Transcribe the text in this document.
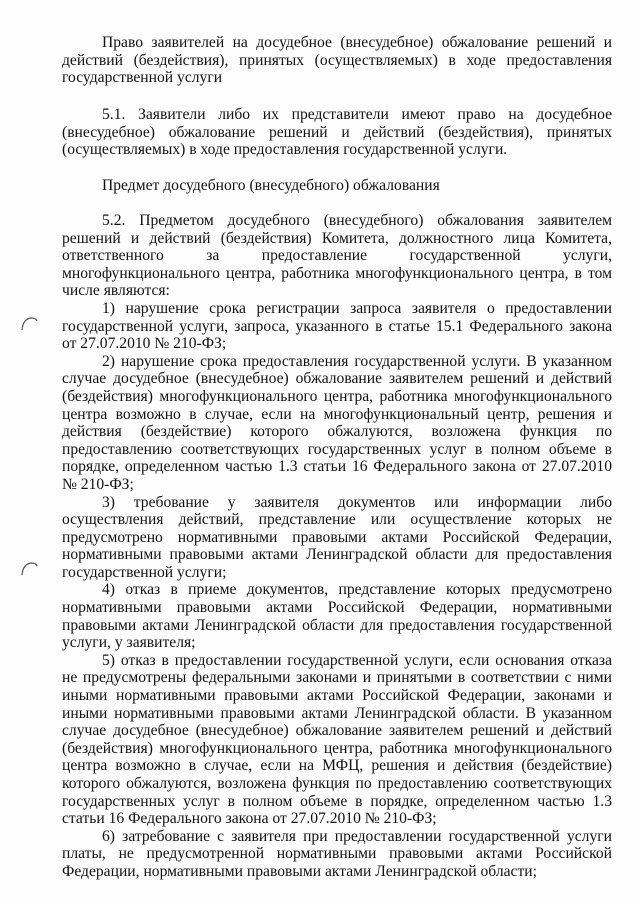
Право заявителей на досудебное (внесудебное) обжалование решений и действий (бездействия), принятых (осуществляемых) в ходе предоставления государственной услуги

5.1. Заявители либо их представители имеют право на досудебное (внесудебное) обжалование решений и действий (бездействия), принятых (осуществляемых) в ходе предоставления государственной услуги.

Предмет досудебного (внесудебного) обжалования

5.2. Предметом досудебного (внесудебного) обжалования заявителем решений и действий (бездействия) Комитета, должностного лица Комитета, ответственного за предоставление государственной услуги, многофункционального центра, работника многофункционального центра, в том числе являются:

1) нарушение срока регистрации запроса заявителя о предоставлении государственной услуги, запроса, указанного в статье 15.1 Федерального закона от 27.07.2010 № 210-ФЗ;

2) нарушение срока предоставления государственной услуги. В указанном случае досудебное (внесудебное) обжалование заявителем решений и действий (бездействия) многофункционального центра, работника многофункционального центра возможно в случае, если на многофункциональный центр, решения и действия (бездействие) которого обжалуются, возложена функция по предоставлению соответствующих государственных услуг в полном объеме в порядке, определенном частью 1.3 статьи 16 Федерального закона от 27.07.2010 № 210-ФЗ;

3) требование у заявителя документов или информации либо осуществления действий, представление или осуществление которых не предусмотрено нормативными правовыми актами Российской Федерации, нормативными правовыми актами Ленинградской области для предоставления государственной услуги;

4) отказ в приеме документов, представление которых предусмотрено нормативными правовыми актами Российской Федерации, нормативными правовыми актами Ленинградской области для предоставления государственной услуги, у заявителя;

5) отказ в предоставлении государственной услуги, если основания отказа не предусмотрены федеральными законами и принятыми в соответствии с ними иными нормативными правовыми актами Российской Федерации, законами и иными нормативными правовыми актами Ленинградской области. В указанном случае досудебное (внесудебное) обжалование заявителем решений и действий (бездействия) многофункционального центра, работника многофункционального центра возможно в случае, если на МФЦ, решения и действия (бездействие) которого обжалуются, возложена функция по предоставлению соответствующих государственных услуг в полном объеме в порядке, определенном частью 1.3 статьи 16 Федерального закона от 27.07.2010 № 210-ФЗ;

6) затребование с заявителя при предоставлении государственной услуги платы, не предусмотренной нормативными правовыми актами Российской Федерации, нормативными правовыми актами Ленинградской области;
